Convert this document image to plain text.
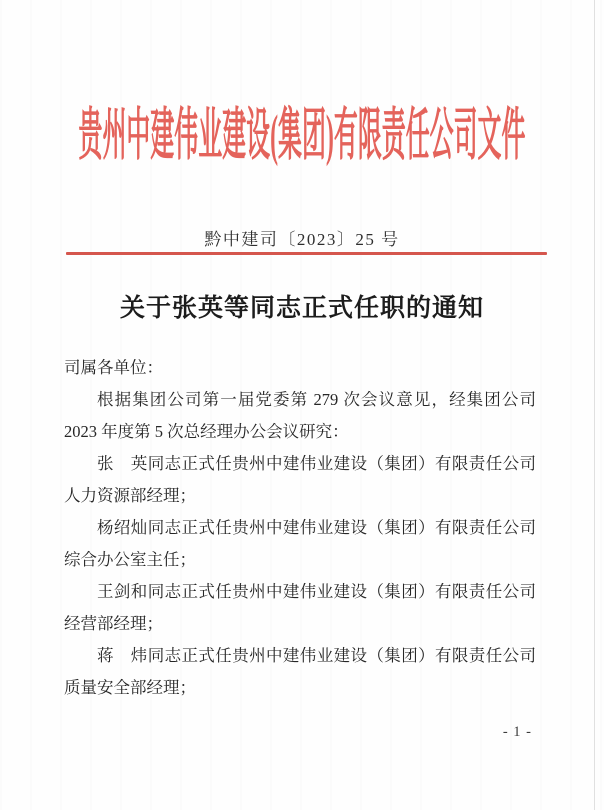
贵州中建伟业建设(集团)有限责任公司文件
黔中建司〔2023〕25 号
关于张英等同志正式任职的通知

司属各单位：

根据集团公司第一届党委第 279 次会议意见，经集团公司 2023 年度第 5 次总经理办公会议研究：

张　英同志正式任贵州中建伟业建设（集团）有限责任公司人力资源部经理；

杨绍灿同志正式任贵州中建伟业建设（集团）有限责任公司综合办公室主任；

王剑和同志正式任贵州中建伟业建设（集团）有限责任公司经营部经理；

蒋　炜同志正式任贵州中建伟业建设（集团）有限责任公司质量安全部经理；

- 1 -
